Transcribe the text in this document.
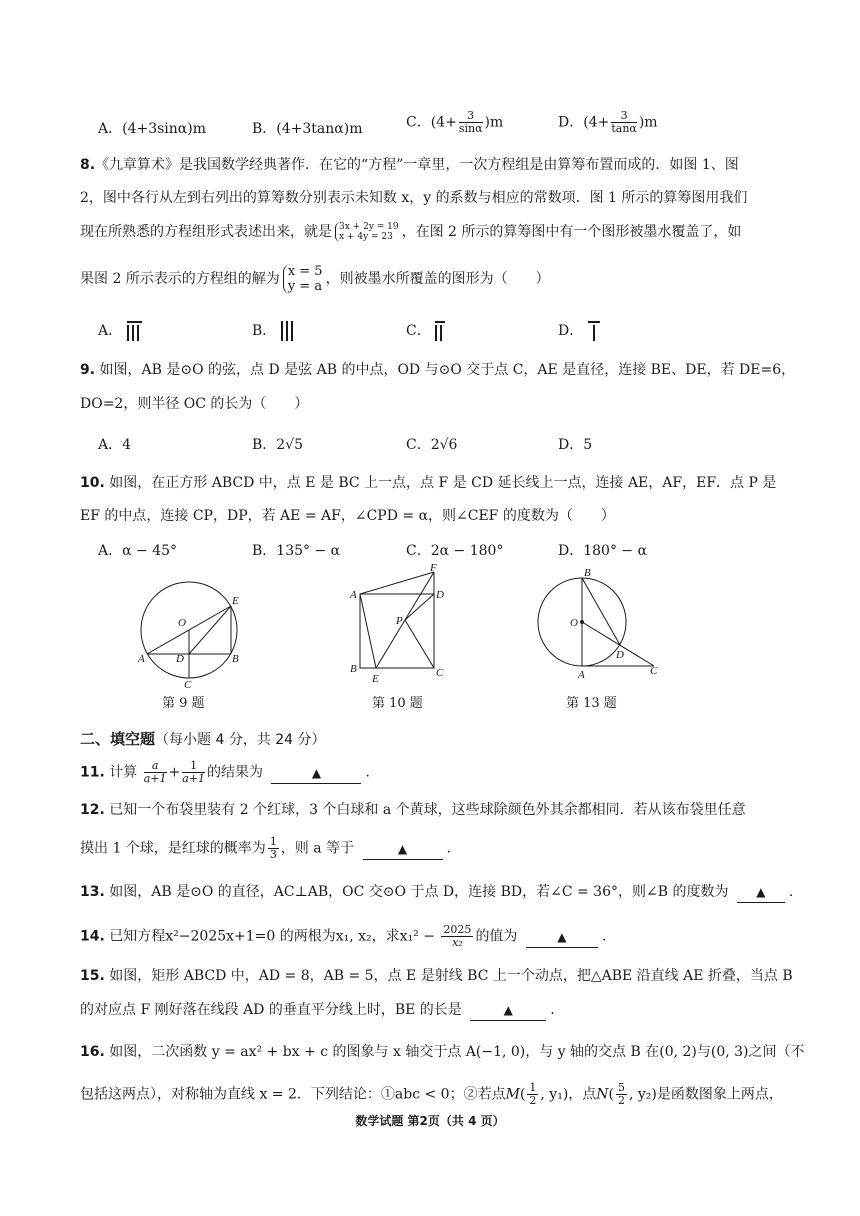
A．(4+3sinα)m	B．(4+3tanα)m	C．$(4+ \frac{3}{\sin\alpha} )m$	D．$(4+ \frac{3}{\tan\alpha} )m$
8.《九章算术》是我国数学经典著作．在它的“方程”一章里，一次方程组是由算筹布置而成的．如图 1、图
2，图中各行从左到右列出的算筹数分别表示未知数 x，y 的系数与相应的常数项．图 1 所示的算筹图用我们
现在所熟悉的方程组形式表述出来，就是 3x + 2y = 19
x + 4y = 23 ，在图 2 所示的算筹图中有一个图形被墨水覆盖了，如
果图 2 所示表示的方程组的解为 x = 5
y = a ，则被墨水所覆盖的图形为（　　）
A．	B．	C．	D．
9. 如图，AB 是⊙O 的弦，点 D 是弦 AB 的中点，OD 与⊙O 交于点 C，AE 是直径，连接 BE、DE，若 DE=6，
DO=2，则半径 OC 的长为（　　）
A．4	B．2√5	C．2√6	D．5
10. 如图，在正方形 ABCD 中，点 E 是 BC 上一点，点 F 是 CD 延长线上一点，连接 AE，AF，EF．点 P 是
EF 的中点，连接 CP，DP，若 AE = AF，∠CPD = α，则∠CEF 的度数为（　　）
A．α − 45°	B．135° − α	C．2α − 180°	D．180° − α
A	B
C
D
E
O
第 9 题
A
B	C
D
E
F
P
第 10 题
A
B
C
D
O
第 13 题
二、填空题（每小题 4 分，共 24 分）
11. 计算 $\frac{a}{a+1} + \frac{1}{a+1}$ 的结果为	▲	．
12. 已知一个布袋里装有 2 个红球，3 个白球和 a 个黄球，这些球除颜色外其余都相同．若从该布袋里任意
摸出 1 个球，是红球的概率为 $\frac{1}{3}$ ，则 a 等于	▲	.
13. 如图，AB 是⊙O 的直径，AC⊥AB，OC 交⊙O 于点 D，连接 BD，若∠C = 36°，则∠B 的度数为 ▲ .
14. 已知方程x²−2025x+1=0 的两根为x₁, x₂，求$x_1^2 - \frac{2025}{\text{x₂}}$ 的值为	▲	.
15. 如图，矩形 ABCD 中，AD = 8，AB = 5，点 E 是射线 BC 上一个动点，把△ABE 沿直线 AE 折叠，当点 B
的对应点 F 刚好落在线段 AD 的垂直平分线上时，BE 的长是	▲	.
16. 如图，二次函数 y = ax² + bx + c 的图象与 x 轴交于点 A(−1, 0)，与 y 轴的交点 B 在(0, 2)与(0, 3)之间（不
包括这两点），对称轴为直线 x = 2．下列结论：①abc < 0；②若点$M( \frac{1}{2}$ , y₁)，点$N( \frac{5}{2}$ , y₂)是函数图象上两点，
数学试题 第2页（共 4 页）
